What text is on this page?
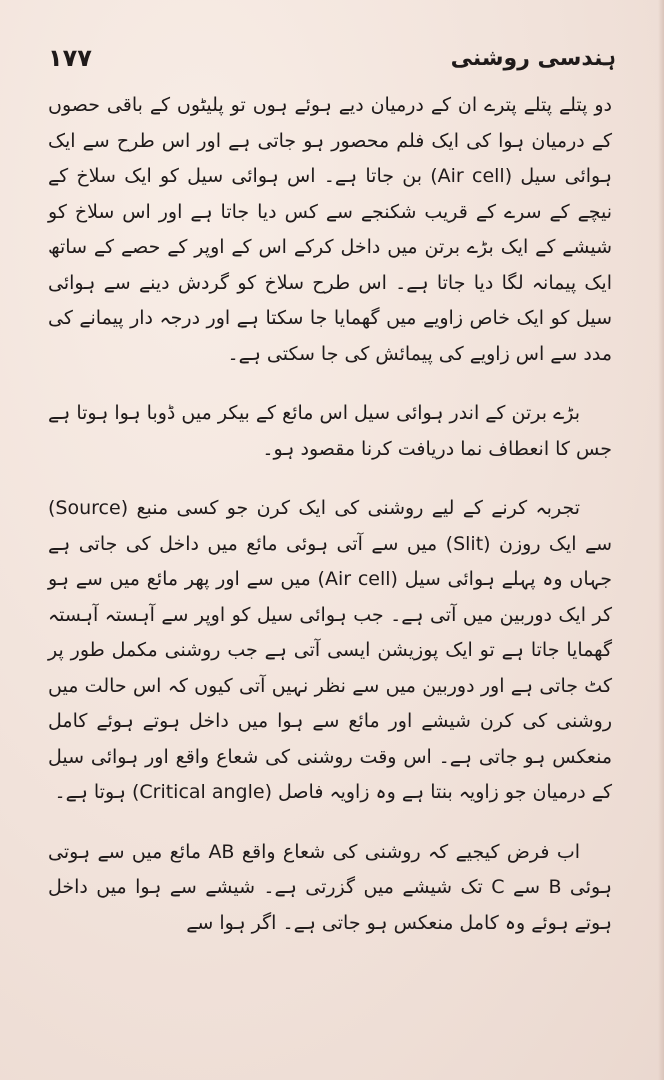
ہندسی روشنی
۱۷۷

دو پتلے پتلے پترے ان کے درمیان دیے ہوئے ہوں تو پلیٹوں کے باقی حصوں کے درمیان ہوا کی ایک فلم محصور ہو جاتی ہے اور اس طرح سے ایک ہوائی سیل (Air cell) بن جاتا ہے۔ اس ہوائی سیل کو ایک سلاخ کے نیچے کے سرے کے قریب شکنجے سے کس دیا جاتا ہے اور اس سلاخ کو شیشے کے ایک بڑے برتن میں داخل کرکے اس کے اوپر کے حصے کے ساتھ ایک پیمانہ لگا دیا جاتا ہے۔ اس طرح سلاخ کو گردش دینے سے ہوائی سیل کو ایک خاص زاویے میں گھمایا جا سکتا ہے اور درجہ دار پیمانے کی مدد سے اس زاویے کی پیمائش کی جا سکتی ہے۔

بڑے برتن کے اندر ہوائی سیل اس مائع کے بیکر میں ڈوبا ہوا ہوتا ہے جس کا انعطاف نما دریافت کرنا مقصود ہو۔

تجربہ کرنے کے لیے روشنی کی ایک کرن جو کسی منبع (Source) سے ایک روزن (Slit) میں سے آتی ہوئی مائع میں داخل کی جاتی ہے جہاں وہ پہلے ہوائی سیل (Air cell) میں سے اور پھر مائع میں سے ہو کر ایک دوربین میں آتی ہے۔ جب ہوائی سیل کو اوپر سے آہستہ آہستہ گھمایا جاتا ہے تو ایک پوزیشن ایسی آتی ہے جب روشنی مکمل طور پر کٹ جاتی ہے اور دوربین میں سے نظر نہیں آتی کیوں کہ اس حالت میں روشنی کی کرن شیشے اور مائع سے ہوا میں داخل ہوتے ہوئے کامل منعکس ہو جاتی ہے۔ اس وقت روشنی کی شعاع واقع اور ہوائی سیل کے درمیان جو زاویہ بنتا ہے وہ زاویہ فاصل (Critical angle) ہوتا ہے۔

اب فرض کیجیے کہ روشنی کی شعاع واقع AB مائع میں سے ہوتی ہوئی B سے C تک شیشے میں گزرتی ہے۔ شیشے سے ہوا میں داخل ہوتے ہوئے وہ کامل منعکس ہو جاتی ہے۔ اگر ہوا سے
